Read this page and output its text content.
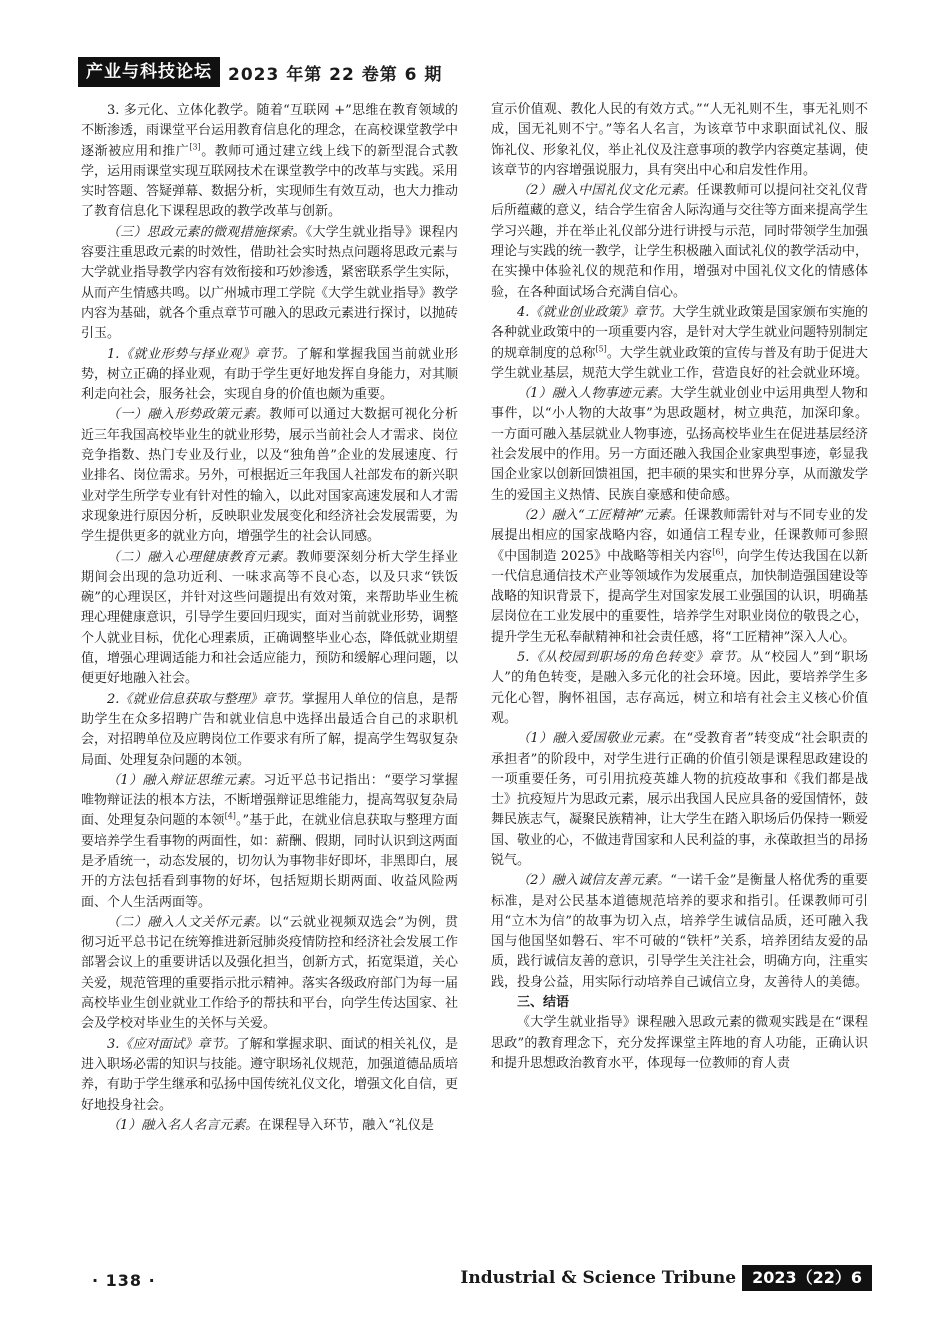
产业与科技论坛 2023 年第 22 卷第 6 期

3. 多元化、立体化教学。随着“互联网 +”思维在教育领域的不断渗透，雨课堂平台运用教育信息化的理念，在高校课堂教学中逐渐被应用和推广[3]。教师可通过建立线上线下的新型混合式教学，运用雨课堂实现互联网技术在课堂教学中的改革与实践。采用实时答题、答疑弹幕、数据分析，实现师生有效互动，也大力推动了教育信息化下课程思政的教学改革与创新。

（三）思政元素的微观措施探索。《大学生就业指导》课程内容要注重思政元素的时效性，借助社会实时热点问题将思政元素与大学就业指导教学内容有效衔接和巧妙渗透，紧密联系学生实际，从而产生情感共鸣。以广州城市理工学院《大学生就业指导》教学内容为基础，就各个重点章节可融入的思政元素进行探讨，以抛砖引玉。

1.《就业形势与择业观》章节。了解和掌握我国当前就业形势，树立正确的择业观，有助于学生更好地发挥自身能力，对其顺利走向社会，服务社会，实现自身的价值也颇为重要。

（一）融入形势政策元素。教师可以通过大数据可视化分析近三年我国高校毕业生的就业形势，展示当前社会人才需求、岗位竞争指数、热门专业及行业，以及“独角兽”企业的发展速度、行业排名、岗位需求。另外，可根据近三年我国人社部发布的新兴职业对学生所学专业有针对性的输入，以此对国家高速发展和人才需求现象进行原因分析，反映职业发展变化和经济社会发展需要，为学生提供更多的就业方向，增强学生的社会认同感。

（二）融入心理健康教育元素。教师要深刻分析大学生择业期间会出现的急功近利、一味求高等不良心态，以及只求“铁饭碗”的心理误区，并针对这些问题提出有效对策，来帮助毕业生梳理心理健康意识，引导学生要回归现实，面对当前就业形势，调整个人就业目标，优化心理素质，正确调整毕业心态，降低就业期望值，增强心理调适能力和社会适应能力，预防和缓解心理问题，以便更好地融入社会。

2.《就业信息获取与整理》章节。掌握用人单位的信息，是帮助学生在众多招聘广告和就业信息中选择出最适合自己的求职机会，对招聘单位及应聘岗位工作要求有所了解，提高学生驾驭复杂局面、处理复杂问题的本领。

（1）融入辩证思维元素。习近平总书记指出：“要学习掌握唯物辩证法的根本方法，不断增强辩证思维能力，提高驾驭复杂局面、处理复杂问题的本领[4]。”基于此，在就业信息获取与整理方面要培养学生看事物的两面性，如：薪酬、假期，同时认识到这两面是矛盾统一，动态发展的，切勿认为事物非好即坏，非黑即白，展开的方法包括看到事物的好坏，包括短期长期两面、收益风险两面、个人生活两面等。

（二）融入人文关怀元素。以“云就业视频双选会”为例，贯彻习近平总书记在统筹推进新冠肺炎疫情防控和经济社会发展工作部署会议上的重要讲话以及强化担当，创新方式，拓宽渠道，关心关爱，规范管理的重要指示批示精神。落实各级政府部门为每一届高校毕业生创业就业工作给予的帮扶和平台，向学生传达国家、社会及学校对毕业生的关怀与关爱。

3.《应对面试》章节。了解和掌握求职、面试的相关礼仪，是进入职场必需的知识与技能。遵守职场礼仪规范，加强道德品质培养，有助于学生继承和弘扬中国传统礼仪文化，增强文化自信，更好地投身社会。

（1）融入名人名言元素。在课程导入环节，融入“礼仪是

宣示价值观、教化人民的有效方式。”“人无礼则不生，事无礼则不成，国无礼则不宁。”等名人名言，为该章节中求职面试礼仪、服饰礼仪、形象礼仪，举止礼仪及注意事项的教学内容奠定基调，使该章节的内容增强说服力，具有突出中心和启发性作用。

（2）融入中国礼仪文化元素。任课教师可以提问社交礼仪背后所蕴藏的意义，结合学生宿舍人际沟通与交往等方面来提高学生学习兴趣，并在举止礼仪部分进行讲授与示范，同时带领学生加强理论与实践的统一教学，让学生积极融入面试礼仪的教学活动中，在实操中体验礼仪的规范和作用，增强对中国礼仪文化的情感体验，在各种面试场合充满自信心。

4.《就业创业政策》章节。大学生就业政策是国家颁布实施的各种就业政策中的一项重要内容，是针对大学生就业问题特别制定的规章制度的总称[5]。大学生就业政策的宣传与普及有助于促进大学生就业基层，规范大学生就业工作，营造良好的社会就业环境。

（1）融入人物事迹元素。大学生就业创业中运用典型人物和事件，以“小人物的大故事”为思政题材，树立典范，加深印象。一方面可融入基层就业人物事迹，弘扬高校毕业生在促进基层经济社会发展中的作用。另一方面还融入我国企业家典型事迹，彰显我国企业家以创新回馈祖国，把丰硕的果实和世界分享，从而激发学生的爱国主义热情、民族自豪感和使命感。

（2）融入“工匠精神”元素。任课教师需针对与不同专业的发展提出相应的国家战略内容，如通信工程专业，任课教师可参照《中国制造 2025》中战略等相关内容[6]，向学生传达我国在以新一代信息通信技术产业等领域作为发展重点，加快制造强国建设等战略的知识背景下，提高学生对国家发展工业强国的认识，明确基层岗位在工业发展中的重要性，培养学生对职业岗位的敬畏之心，提升学生无私奉献精神和社会责任感，将“工匠精神”深入人心。

5.《从校园到职场的角色转变》章节。从“校园人”到“职场人”的角色转变，是融入多元化的社会环境。因此，要培养学生多元化心智，胸怀祖国，志存高远，树立和培有社会主义核心价值观。

（1）融入爱国敬业元素。在“受教育者”转变成“社会职责的承担者”的阶段中，对学生进行正确的价值引领是课程思政建设的一项重要任务，可引用抗疫英雄人物的抗疫故事和《我们都是战士》抗疫短片为思政元素，展示出我国人民应具备的爱国情怀，鼓舞民族志气，凝聚民族精神，让大学生在踏入职场后仍保持一颗爱国、敬业的心，不做违背国家和人民利益的事，永葆敢担当的昂扬锐气。

（2）融入诚信友善元素。“一诺千金”是衡量人格优秀的重要标准，是对公民基本道德规范培养的要求和指引。任课教师可引用“立木为信”的故事为切入点，培养学生诚信品质，还可融入我国与他国坚如磐石、牢不可破的“铁杆”关系，培养团结友爱的品质，践行诚信友善的意识，引导学生关注社会，明确方向，注重实践，投身公益，用实际行动培养自己诚信立身，友善待人的美德。

三、结语

《大学生就业指导》课程融入思政元素的微观实践是在“课程思政”的教育理念下，充分发挥课堂主阵地的育人功能，正确认识和提升思想政治教育水平，体现每一位教师的育人责

· 138 ·	Industrial & Science Tribune	2023（22）6
